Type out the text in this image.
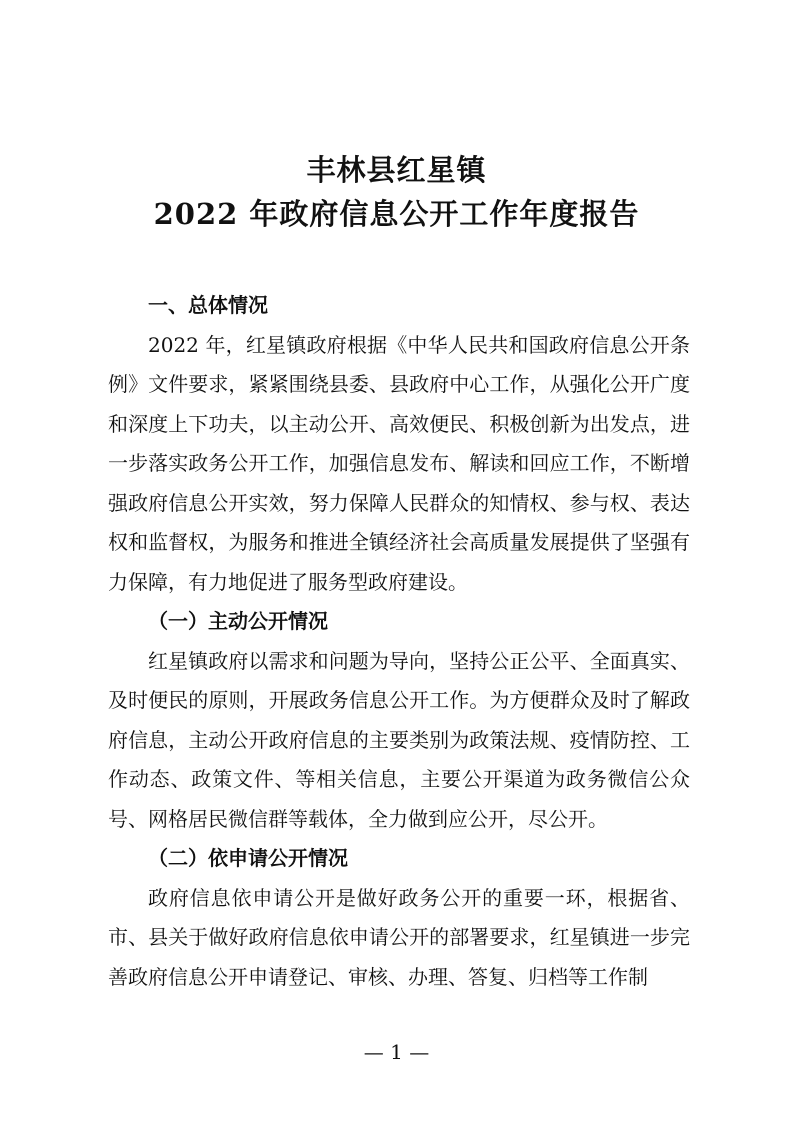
丰林县红星镇
2022 年政府信息公开工作年度报告
一、总体情况
2022 年，红星镇政府根据《中华人民共和国政府信息公开条例》文件要求，紧紧围绕县委、县政府中心工作，从强化公开广度和深度上下功夫，以主动公开、高效便民、积极创新为出发点，进一步落实政务公开工作，加强信息发布、解读和回应工作，不断增强政府信息公开实效，努力保障人民群众的知情权、参与权、表达权和监督权，为服务和推进全镇经济社会高质量发展提供了坚强有力保障，有力地促进了服务型政府建设。
（一）主动公开情况
红星镇政府以需求和问题为导向，坚持公正公平、全面真实、及时便民的原则，开展政务信息公开工作。为方便群众及时了解政府信息，主动公开政府信息的主要类别为政策法规、疫情防控、工作动态、政策文件、等相关信息，主要公开渠道为政务微信公众号、网格居民微信群等载体，全力做到应公开，尽公开。
（二）依申请公开情况
政府信息依申请公开是做好政务公开的重要一环，根据省、市、县关于做好政府信息依申请公开的部署要求，红星镇进一步完善政府信息公开申请登记、审核、办理、答复、归档等工作制
— 1 —
